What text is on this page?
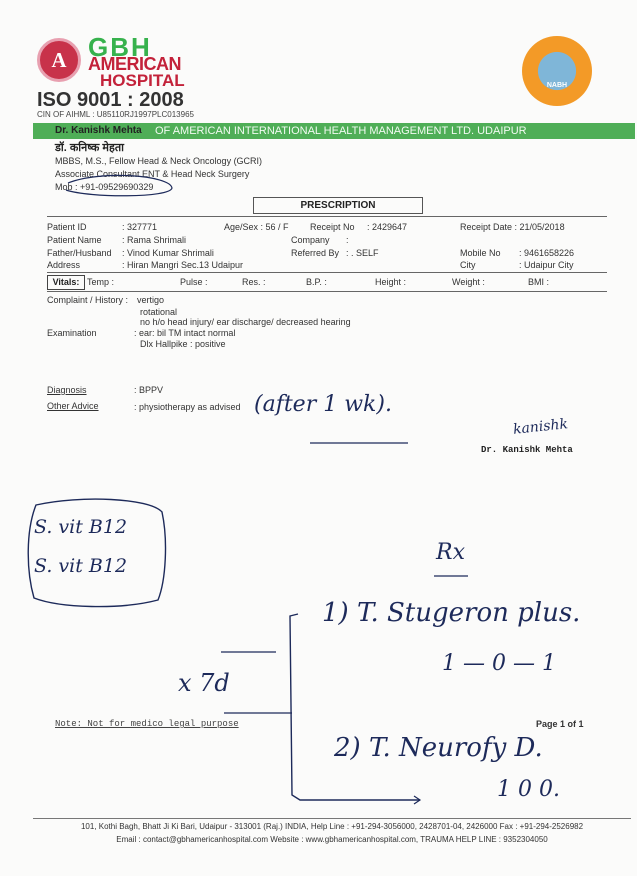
A GBH
AMERICAN
HOSPITAL
ISO 9001 : 2008
CIN OF AIHML : U85110RJ1997PLC013965
NABH
OF AMERICAN INTERNATIONAL HEALTH MANAGEMENT LTD. UDAIPUR
Dr. Kanishk Mehta
डॉ. कनिष्क मेहता
MBBS, M.S., Fellow Head & Neck Oncology (GCRI)
Associate Consultant ENT & Head Neck Surgery
Mob : +91-09529690329
PRESCRIPTION
Patient ID	: 327771	Age/Sex : 56 / F Receipt No : 2429647	Receipt Date : 21/05/2018
Patient Name : Rama Shrimali	Company :
Father/Husband : Vinod Kumar Shrimali	Referred By : . SELF	Mobile No : 9461658226
Address	: Hiran Mangri Sec.13 Udaipur	City	: Udaipur City
Vitals: Temp :	Pulse :	Res. :	B.P. :	Height :	Weight :	BMI :
Complaint / History : vertigo
rotational
no h/o head injury/ ear discharge/ decreased hearing
Examination	: ear: bil TM intact normal
Dlx Hallpike : positive
Diagnosis	: BPPV
Other Advice	: physiotherapy as advised
kanishk
Dr. Kanishk Mehta
(after 1 wk).
S. vit B12
S. vit B12
Rx
1) T. Stugeron plus.
1 — 0 — 1
x 7d
2) T. Neurofy D.
1 0 0.
Note: Not for medico legal purpose	Page 1 of 1
101, Kothi Bagh, Bhatt Ji Ki Bari, Udaipur - 313001 (Raj.) INDIA, Help Line : +91-294-3056000, 2428701-04, 2426000 Fax : +91-294-2526982
Email : contact@gbhamericanhospital.com Website : www.gbhamericanhospital.com, TRAUMA HELP LINE : 9352304050
